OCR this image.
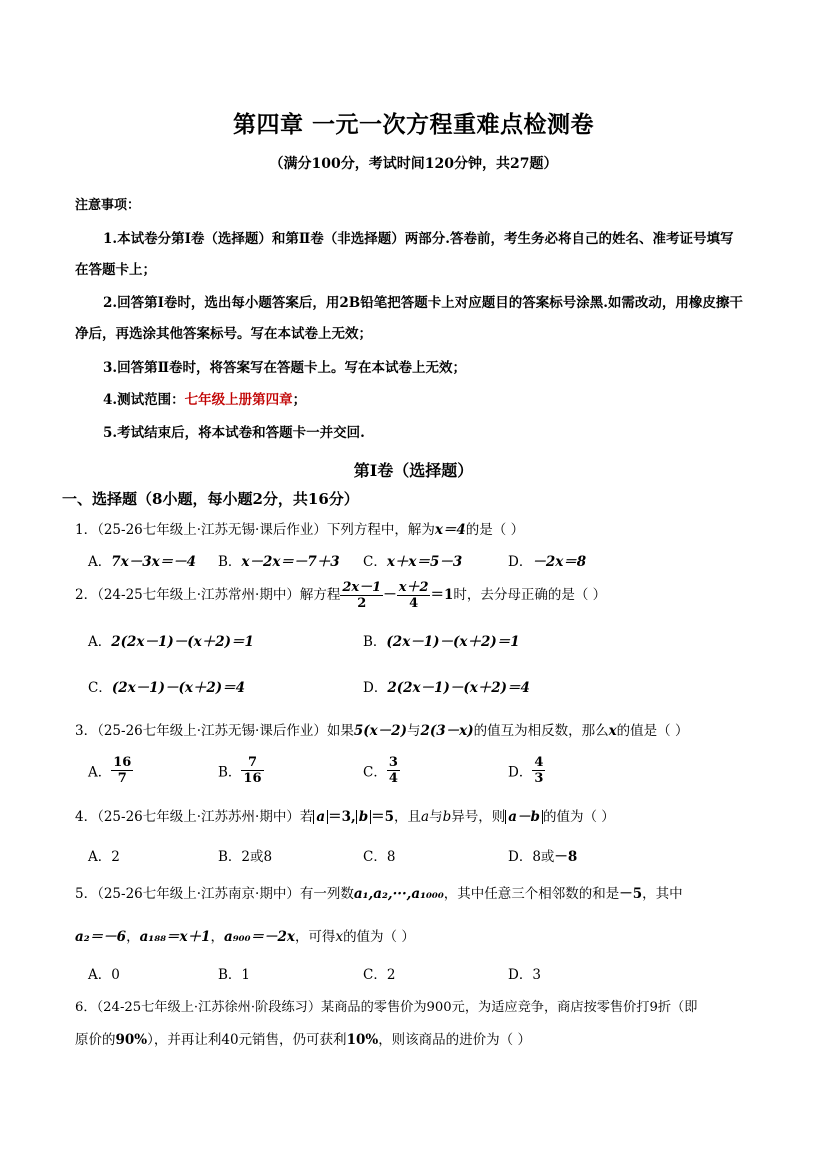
第四章 一元一次方程重难点检测卷
（满分100分，考试时间120分钟，共27题）
注意事项：
1.本试卷分第Ⅰ卷（选择题）和第Ⅱ卷（非选择题）两部分.答卷前，考生务必将自己的姓名、准考证号填写
在答题卡上；
2.回答第Ⅰ卷时，选出每小题答案后，用2B铅笔把答题卡上对应题目的答案标号涂黑.如需改动，用橡皮擦干
净后，再选涂其他答案标号。写在本试卷上无效；
3.回答第Ⅱ卷时，将答案写在答题卡上。写在本试卷上无效；
4.测试范围：七年级上册第四章；
5.考试结束后，将本试卷和答题卡一并交回.
第Ⅰ卷（选择题）
一、选择题（8小题，每小题2分，共16分）
1．（25-26七年级上·江苏无锡·课后作业）下列方程中，解为x＝4的是（ ）
A．7x－3x＝－4 B．x－2x＝－7＋3 C．x＋x＝5－3	D．－2x＝8
2．（24-25七年级上·江苏常州·期中）解方程 $\frac{2x-1}{2} - \frac{x+2}{4} =1$时，去分母正确的是（ ）
A．2(2x－1)－(x＋2)＝1	B．(2x－1)－(x＋2)＝1
C．(2x－1)－(x＋2)＝4	D．2(2x－1)－(x＋2)＝4
3．（25-26七年级上·江苏无锡·课后作业）如果5(x－2)与2(3－x)的值互为相反数，那么x的值是（ ）
A． $\frac{16}{7}$	B． $\frac{7}{16}$	C． $\frac{3}{4}$	D． $\frac{4}{3}$
4．（25-26七年级上·江苏苏州·期中）若 a ＝3, b ＝5，且a与b异号，则 a－b 的值为（ ）
A．2	B．2或8	C．8	D．8或－8
5．（25-26七年级上·江苏南京·期中）有一列数a₁,a₂,···,a₁₀₀₀，其中任意三个相邻数的和是－5，其中
a₂＝－6，a₁₈₈＝x＋1，a₉₀₀＝－2x，可得x的值为（ ）
A．0	B．1	C．2	D．3
6．（24-25七年级上·江苏徐州·阶段练习）某商品的零售价为900元，为适应竞争，商店按零售价打9折（即
原价的90%），并再让利40元销售，仍可获利10%，则该商品的进价为（ ）
